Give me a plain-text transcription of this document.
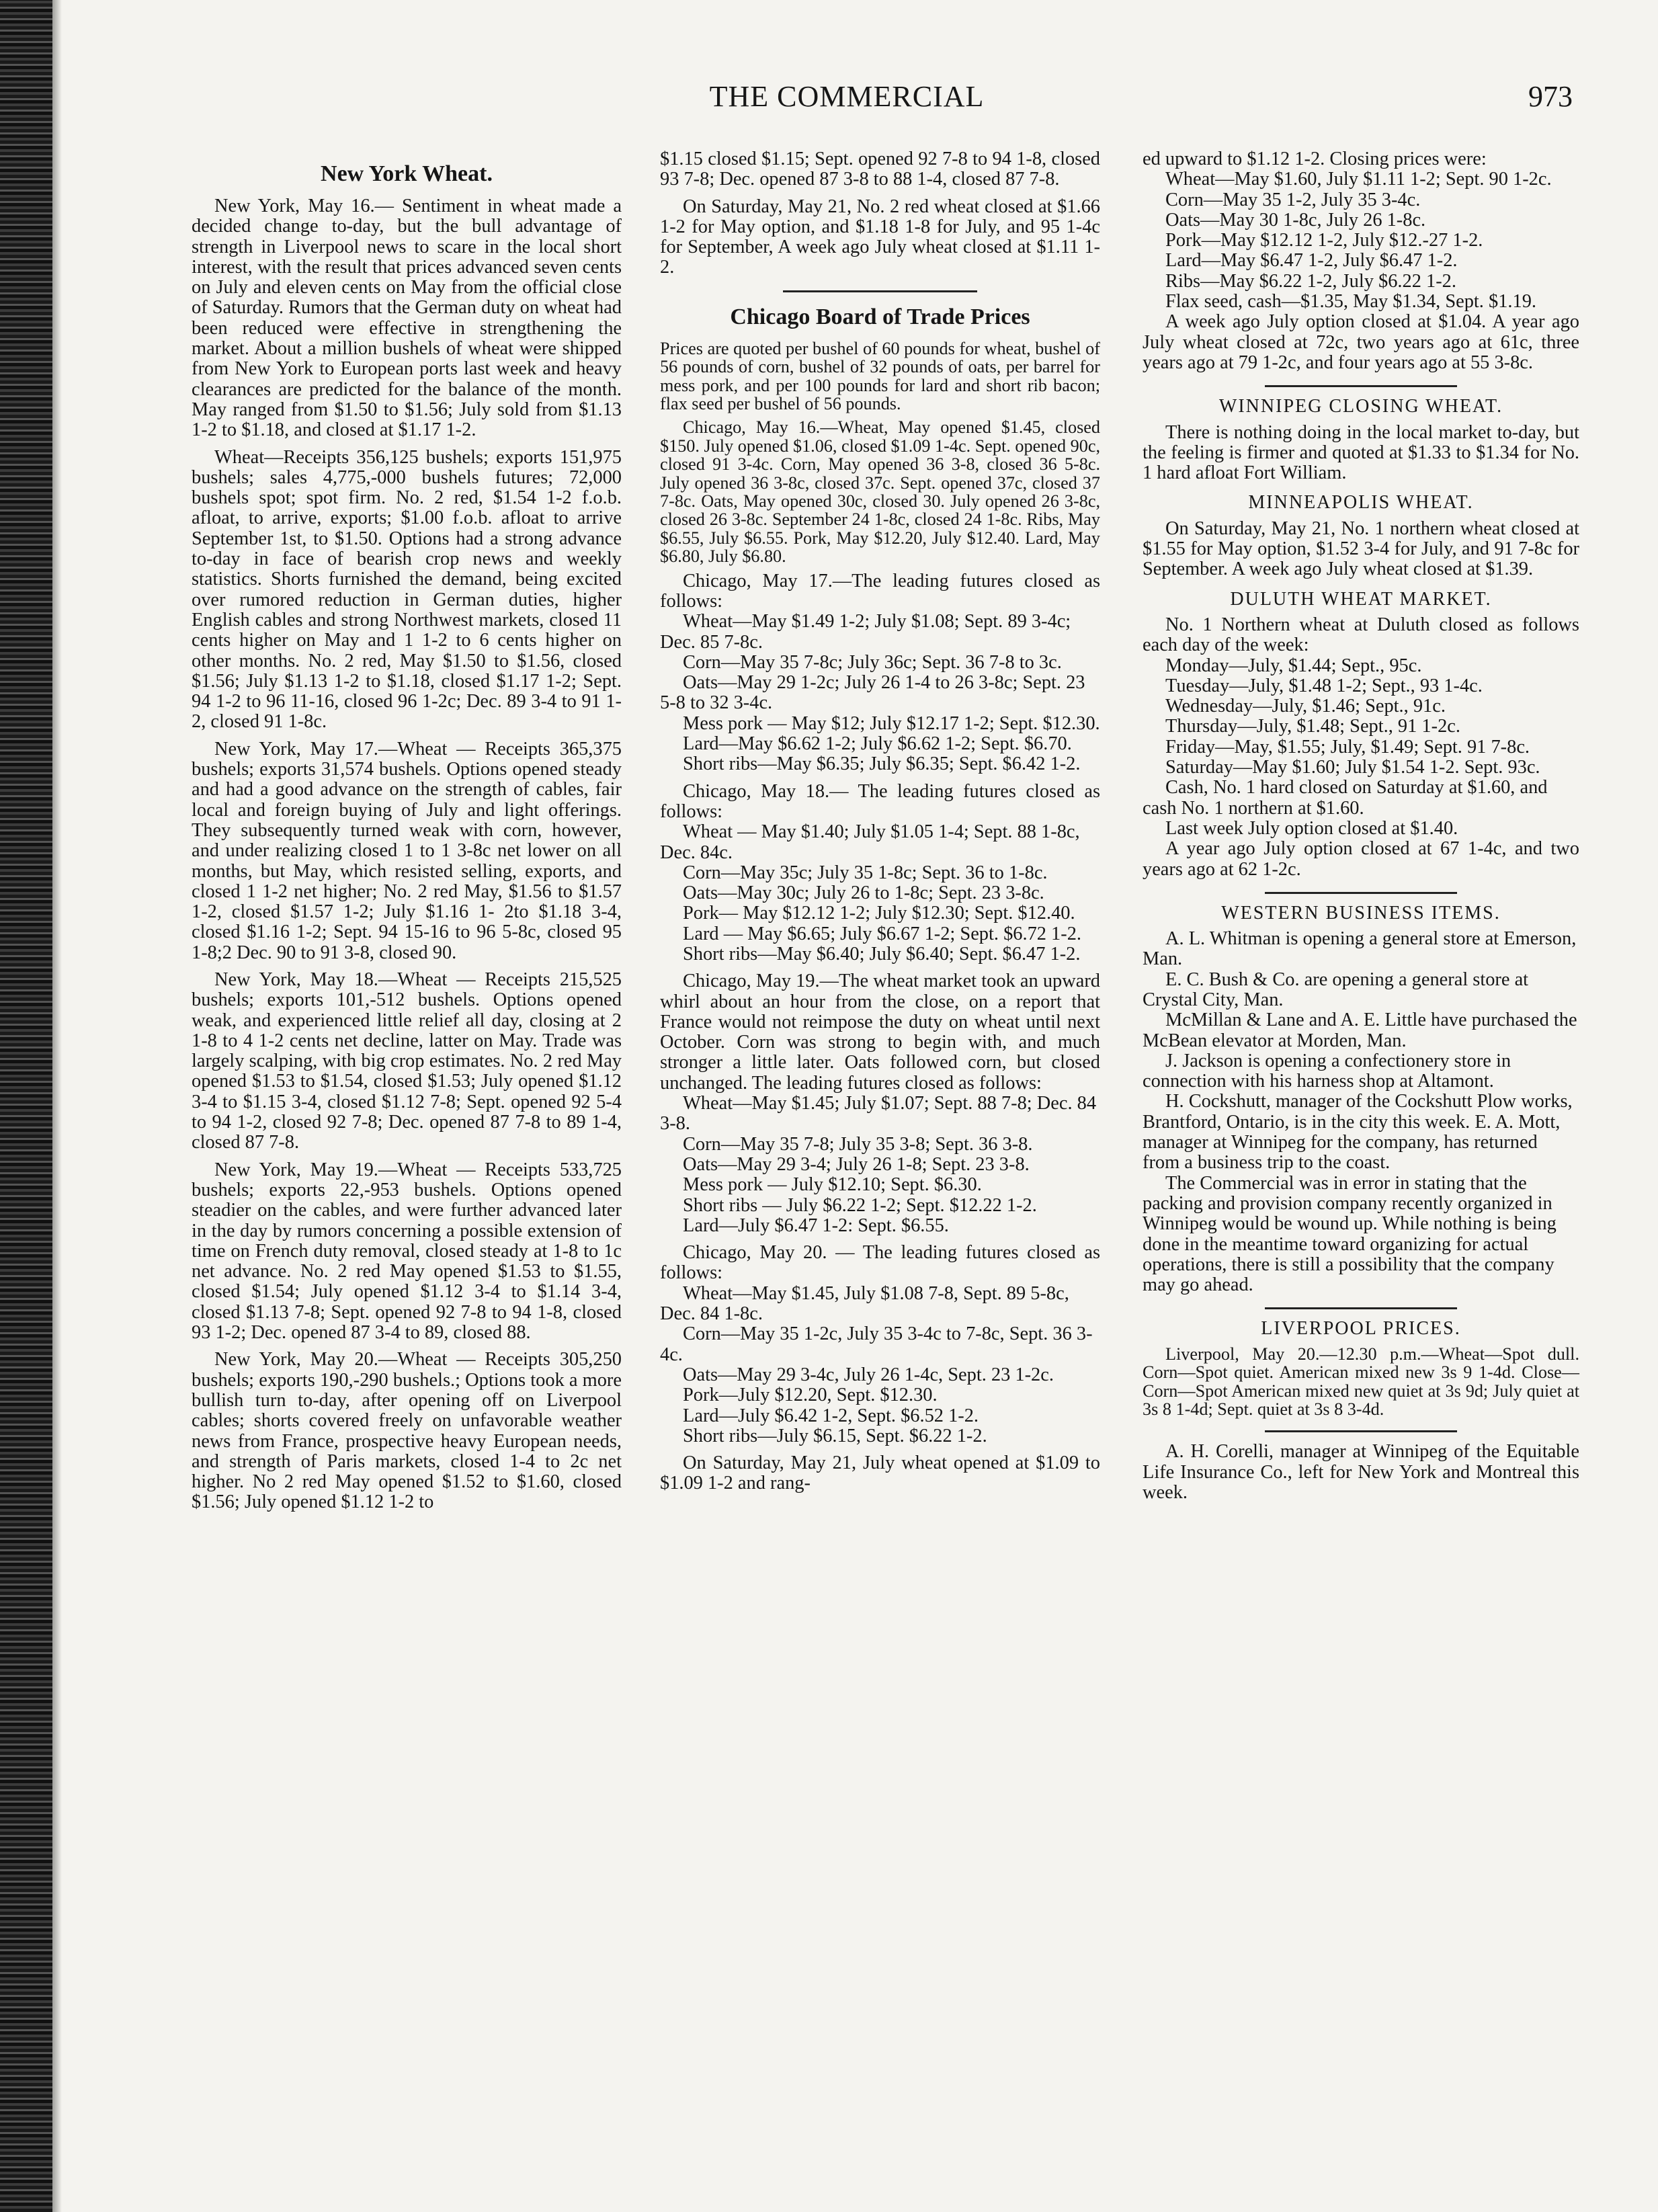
THE COMMERCIAL	973
New York Wheat.

New York, May 16.— Sentiment in wheat made a decided change to-day, but the bull advantage of strength in Liverpool news to scare in the local short interest, with the result that prices advanced seven cents on July and eleven cents on May from the official close of Saturday. Rumors that the German duty on wheat had been reduced were effective in strengthening the market. About a million bushels of wheat were shipped from New York to European ports last week and heavy clearances are predicted for the balance of the month. May ranged from $1.50 to $1.56; July sold from $1.13 1-2 to $1.18, and closed at $1.17 1-2.

Wheat—Receipts 356,125 bushels; exports 151,975 bushels; sales 4,775,-000 bushels futures; 72,000 bushels spot; spot firm. No. 2 red, $1.54 1-2 f.o.b. afloat, to arrive, exports; $1.00 f.o.b. afloat to arrive September 1st, to $1.50. Options had a strong advance to-day in face of bearish crop news and weekly statistics. Shorts furnished the demand, being excited over rumored reduction in German duties, higher English cables and strong Northwest markets, closed 11 cents higher on May and 1 1-2 to 6 cents higher on other months. No. 2 red, May $1.50 to $1.56, closed $1.56; July $1.13 1-2 to $1.18, closed $1.17 1-2; Sept. 94 1-2 to 96 11-16, closed 96 1-2c; Dec. 89 3-4 to 91 1-2, closed 91 1-8c.

New York, May 17.—Wheat — Receipts 365,375 bushels; exports 31,574 bushels. Options opened steady and had a good advance on the strength of cables, fair local and foreign buying of July and light offerings. They subsequently turned weak with corn, however, and under realizing closed 1 to 1 3-8c net lower on all months, but May, which resisted selling, exports, and closed 1 1-2 net higher; No. 2 red May, $1.56 to $1.57 1-2, closed $1.57 1-2; July $1.16 1- 2to $1.18 3-4, closed $1.16 1-2; Sept. 94 15-16 to 96 5-8c, closed 95 1-8;2 Dec. 90 to 91 3-8, closed 90.

New York, May 18.—Wheat — Receipts 215,525 bushels; exports 101,-512 bushels. Options opened weak, and experienced little relief all day, closing at 2 1-8 to 4 1-2 cents net decline, latter on May. Trade was largely scalping, with big crop estimates. No. 2 red May opened $1.53 to $1.54, closed $1.53; July opened $1.12 3-4 to $1.15 3-4, closed $1.12 7-8; Sept. opened 92 5-4 to 94 1-2, closed 92 7-8; Dec. opened 87 7-8 to 89 1-4, closed 87 7-8.

New York, May 19.—Wheat — Receipts 533,725 bushels; exports 22,-953 bushels. Options opened steadier on the cables, and were further advanced later in the day by rumors concerning a possible extension of time on French duty removal, closed steady at 1-8 to 1c net advance. No. 2 red May opened $1.53 to $1.55, closed $1.54; July opened $1.12 3-4 to $1.14 3-4, closed $1.13 7-8; Sept. opened 92 7-8 to 94 1-8, closed 93 1-2; Dec. opened 87 3-4 to 89, closed 88.

New York, May 20.—Wheat — Receipts 305,250 bushels; exports 190,-290 bushels.; Options took a more bullish turn to-day, after opening off on Liverpool cables; shorts covered freely on unfavorable weather news from France, prospective heavy European needs, and strength of Paris markets, closed 1-4 to 2c net higher. No 2 red May opened $1.52 to $1.60, closed $1.56; July opened $1.12 1-2 to

$1.15 closed $1.15; Sept. opened 92 7-8 to 94 1-8, closed 93 7-8; Dec. opened 87 3-8 to 88 1-4, closed 87 7-8.

On Saturday, May 21, No. 2 red wheat closed at $1.66 1-2 for May option, and $1.18 1-8 for July, and 95 1-4c for September, A week ago July wheat closed at $1.11 1-2.

Chicago Board of Trade Prices

Prices are quoted per bushel of 60 pounds for wheat, bushel of 56 pounds of corn, bushel of 32 pounds of oats, per barrel for mess pork, and per 100 pounds for lard and short rib bacon; flax seed per bushel of 56 pounds.

Chicago, May 16.—Wheat, May opened $1.45, closed $150. July opened $1.06, closed $1.09 1-4c. Sept. opened 90c, closed 91 3-4c. Corn, May opened 36 3-8, closed 36 5-8c. July opened 36 3-8c, closed 37c. Sept. opened 37c, closed 37 7-8c. Oats, May opened 30c, closed 30. July opened 26 3-8c, closed 26 3-8c. September 24 1-8c, closed 24 1-8c. Ribs, May $6.55, July $6.55. Pork, May $12.20, July $12.40. Lard, May $6.80, July $6.80.

Chicago, May 17.—The leading futures closed as follows:

Wheat—May $1.49 1-2; July $1.08; Sept. 89 3-4c; Dec. 85 7-8c.

Corn—May 35 7-8c; July 36c; Sept. 36 7-8 to 3c.

Oats—May 29 1-2c; July 26 1-4 to 26 3-8c; Sept. 23 5-8 to 32 3-4c.

Mess pork — May $12; July $12.17 1-2; Sept. $12.30.

Lard—May $6.62 1-2; July $6.62 1-2; Sept. $6.70.

Short ribs—May $6.35; July $6.35; Sept. $6.42 1-2.

Chicago, May 18.— The leading futures closed as follows:

Wheat — May $1.40; July $1.05 1-4; Sept. 88 1-8c, Dec. 84c.

Corn—May 35c; July 35 1-8c; Sept. 36 to 1-8c.

Oats—May 30c; July 26 to 1-8c; Sept. 23 3-8c.

Pork— May $12.12 1-2; July $12.30; Sept. $12.40.

Lard — May $6.65; July $6.67 1-2; Sept. $6.72 1-2.

Short ribs—May $6.40; July $6.40; Sept. $6.47 1-2.

Chicago, May 19.—The wheat market took an upward whirl about an hour from the close, on a report that France would not reimpose the duty on wheat until next October. Corn was strong to begin with, and much stronger a little later. Oats followed corn, but closed unchanged. The leading futures closed as follows:

Wheat—May $1.45; July $1.07; Sept. 88 7-8; Dec. 84 3-8.

Corn—May 35 7-8; July 35 3-8; Sept. 36 3-8.

Oats—May 29 3-4; July 26 1-8; Sept. 23 3-8.

Mess pork — July $12.10; Sept. $6.30.

Short ribs — July $6.22 1-2; Sept. $12.22 1-2.

Lard—July $6.47 1-2: Sept. $6.55.

Chicago, May 20. — The leading futures closed as follows:

Wheat—May $1.45, July $1.08 7-8, Sept. 89 5-8c, Dec. 84 1-8c.

Corn—May 35 1-2c, July 35 3-4c to 7-8c, Sept. 36 3-4c.

Oats—May 29 3-4c, July 26 1-4c, Sept. 23 1-2c.

Pork—July $12.20, Sept. $12.30.

Lard—July $6.42 1-2, Sept. $6.52 1-2.

Short ribs—July $6.15, Sept. $6.22 1-2.

On Saturday, May 21, July wheat opened at $1.09 to $1.09 1-2 and rang-

ed upward to $1.12 1-2. Closing prices were:

Wheat—May $1.60, July $1.11 1-2; Sept. 90 1-2c.

Corn—May 35 1-2, July 35 3-4c.

Oats—May 30 1-8c, July 26 1-8c.

Pork—May $12.12 1-2, July $12.-27 1-2.

Lard—May $6.47 1-2, July $6.47 1-2.

Ribs—May $6.22 1-2, July $6.22 1-2.

Flax seed, cash—$1.35, May $1.34, Sept. $1.19.

A week ago July option closed at $1.04. A year ago July wheat closed at 72c, two years ago at 61c, three years ago at 79 1-2c, and four years ago at 55 3-8c.

WINNIPEG CLOSING WHEAT.

There is nothing doing in the local market to-day, but the feeling is firmer and quoted at $1.33 to $1.34 for No. 1 hard afloat Fort William.

MINNEAPOLIS WHEAT.

On Saturday, May 21, No. 1 northern wheat closed at $1.55 for May option, $1.52 3-4 for July, and 91 7-8c for September. A week ago July wheat closed at $1.39.

DULUTH WHEAT MARKET.

No. 1 Northern wheat at Duluth closed as follows each day of the week:

Monday—July, $1.44; Sept., 95c.

Tuesday—July, $1.48 1-2; Sept., 93 1-4c.

Wednesday—July, $1.46; Sept., 91c.

Thursday—July, $1.48; Sept., 91 1-2c.

Friday—May, $1.55; July, $1.49; Sept. 91 7-8c.

Saturday—May $1.60; July $1.54 1-2. Sept. 93c.

Cash, No. 1 hard closed on Saturday at $1.60, and cash No. 1 northern at $1.60.

Last week July option closed at $1.40.

A year ago July option closed at 67 1-4c, and two years ago at 62 1-2c.

WESTERN BUSINESS ITEMS.

A. L. Whitman is opening a general store at Emerson, Man.

E. C. Bush & Co. are opening a general store at Crystal City, Man.

McMillan & Lane and A. E. Little have purchased the McBean elevator at Morden, Man.

J. Jackson is opening a confectionery store in connection with his harness shop at Altamont.

H. Cockshutt, manager of the Cockshutt Plow works, Brantford, Ontario, is in the city this week. E. A. Mott, manager at Winnipeg for the company, has returned from a business trip to the coast.

The Commercial was in error in stating that the packing and provision company recently organized in Winnipeg would be wound up. While nothing is being done in the meantime toward organizing for actual operations, there is still a possibility that the company may go ahead.

LIVERPOOL PRICES.

Liverpool, May 20.—12.30 p.m.—Wheat—Spot dull. Corn—Spot quiet. American mixed new 3s 9 1-4d. Close—Corn—Spot American mixed new quiet at 3s 9d; July quiet at 3s 8 1-4d; Sept. quiet at 3s 8 3-4d.

A. H. Corelli, manager at Winnipeg of the Equitable Life Insurance Co., left for New York and Montreal this week.
